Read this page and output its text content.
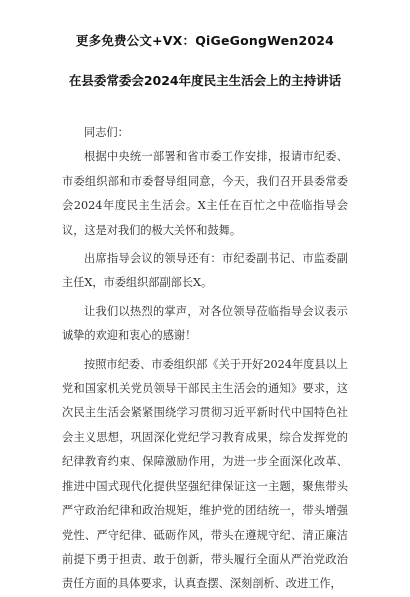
更多免费公文+VX：QiGeGongWen2024
在县委常委会2024年度民主生活会上的主持讲话

同志们：

根据中央统一部署和省市委工作安排，报请市纪委、市委组织部和市委督导组同意，今天，我们召开县委常委会2024年度民主生活会。X主任在百忙之中莅临指导会议，这是对我们的极大关怀和鼓舞。

出席指导会议的领导还有：市纪委副书记、市监委副主任X，市委组织部副部长X。

让我们以热烈的掌声，对各位领导莅临指导会议表示诚挚的欢迎和衷心的感谢！

按照市纪委、市委组织部《关于开好2024年度县以上党和国家机关党员领导干部民主生活会的通知》要求，这次民主生活会紧紧围绕学习贯彻习近平新时代中国特色社会主义思想，巩固深化党纪学习教育成果，综合发挥党的纪律教育约束、保障激励作用，为进一步全面深化改革、推进中国式现代化提供坚强纪律保证这一主题，聚焦带头严守政治纪律和政治规矩，维护党的团结统一，带头增强党性、严守纪律、砥砺作风，带头在遵规守纪、清正廉洁前提下勇于担责、敢于创新，带头履行全面从严治党政治责任方面的具体要求，认真查摆、深刻剖析、改进工作，
